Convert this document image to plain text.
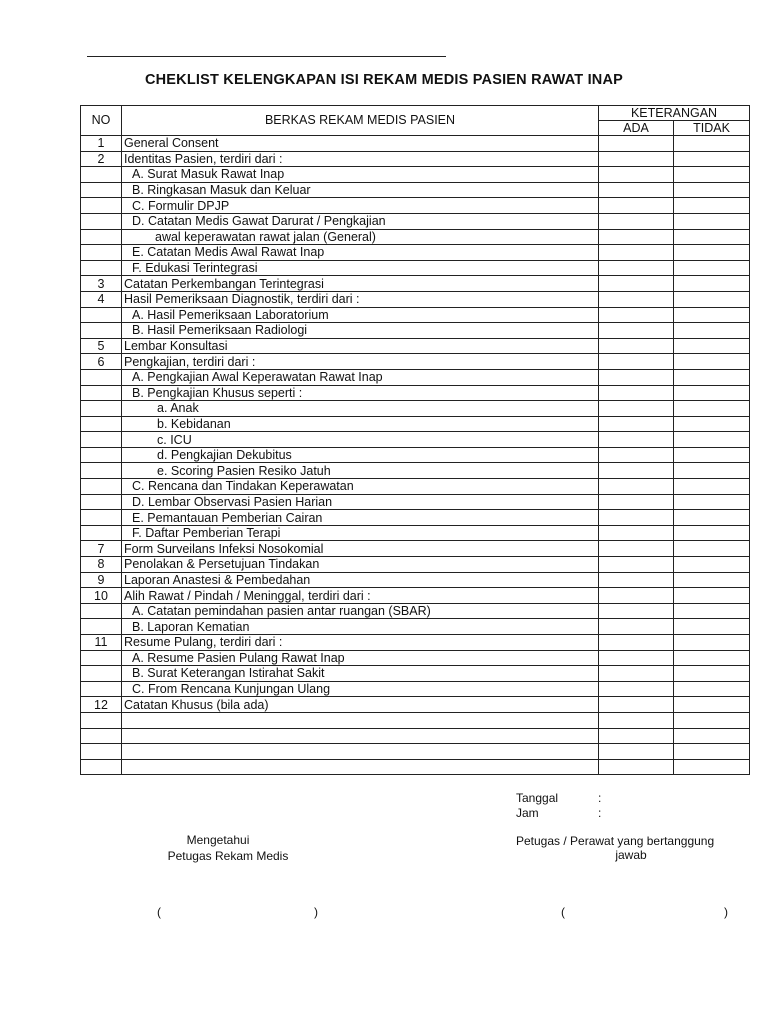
CHEKLIST KELENGKAPAN ISI REKAM MEDIS PASIEN RAWAT INAP
NO	BERKAS REKAM MEDIS PASIEN	KETERANGAN	
		ADA	TIDAK
1	General Consent		
2	Identitas Pasien, terdiri dari :		
	A. Surat Masuk Rawat Inap		
	B. Ringkasan Masuk dan Keluar		
	C. Formulir DPJP		
	D. Catatan Medis Gawat Darurat / Pengkajian		
	awal keperawatan rawat jalan (General)		
	E. Catatan Medis Awal Rawat Inap		
	F. Edukasi Terintegrasi		
3	Catatan Perkembangan Terintegrasi		
4	Hasil Pemeriksaan Diagnostik, terdiri dari :		
	A. Hasil Pemeriksaan Laboratorium		
	B. Hasil Pemeriksaan Radiologi		
5	Lembar Konsultasi		
6	Pengkajian, terdiri dari :		
	A. Pengkajian Awal Keperawatan Rawat Inap		
	B. Pengkajian Khusus seperti :		
	a. Anak		
	b. Kebidanan		
	c. ICU		
	d. Pengkajian Dekubitus		
	e. Scoring Pasien Resiko Jatuh		
	C. Rencana dan Tindakan Keperawatan		
	D. Lembar Observasi Pasien Harian		
	E. Pemantauan Pemberian Cairan		
	F. Daftar Pemberian Terapi		
7	Form Surveilans Infeksi Nosokomial		
8	Penolakan & Persetujuan Tindakan		
9	Laporan Anastesi & Pembedahan		
10	Alih Rawat / Pindah / Meninggal, terdiri dari :		
	A. Catatan pemindahan pasien antar ruangan (SBAR)		
	B. Laporan Kematian		
11	Resume Pulang, terdiri dari :		
	A. Resume Pasien Pulang Rawat Inap		
	B. Surat Keterangan Istirahat Sakit		
	C. From Rencana Kunjungan Ulang		
12	Catatan Khusus (bila ada)		

Tanggal	:
Jam	:
Mengetahui
Petugas Rekam Medis
Petugas / Perawat yang bertanggung
jawab
(	)	(	)
